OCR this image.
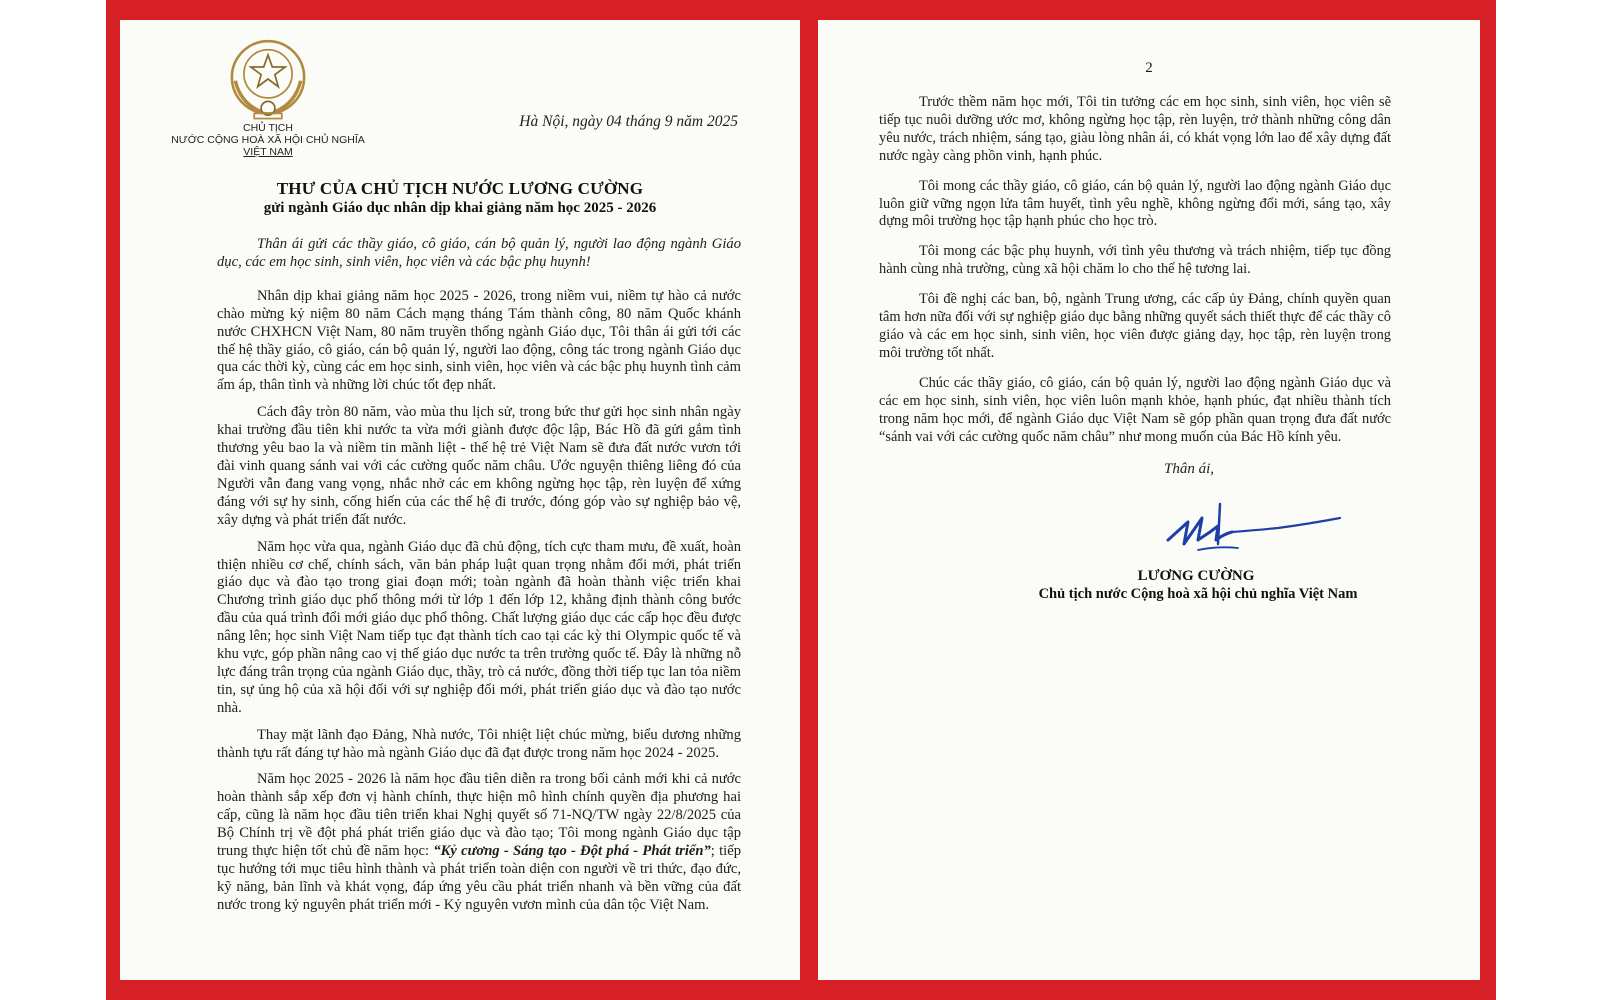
CHỦ TỊCH
NƯỚC CỘNG HOÀ XÃ HỘI CHỦ NGHĨA
VIỆT NAM
Hà Nội, ngày 04 tháng 9 năm 2025
THƯ CỦA CHỦ TỊCH NƯỚC LƯƠNG CƯỜNG
gửi ngành Giáo dục nhân dịp khai giảng năm học 2025 - 2026

Thân ái gửi các thầy giáo, cô giáo, cán bộ quản lý, người lao động ngành Giáo dục, các em học sinh, sinh viên, học viên và các bậc phụ huynh!

Nhân dịp khai giảng năm học 2025 - 2026, trong niềm vui, niềm tự hào cả nước chào mừng kỷ niệm 80 năm Cách mạng tháng Tám thành công, 80 năm Quốc khánh nước CHXHCN Việt Nam, 80 năm truyền thống ngành Giáo dục, Tôi thân ái gửi tới các thế hệ thầy giáo, cô giáo, cán bộ quản lý, người lao động, công tác trong ngành Giáo dục qua các thời kỳ, cùng các em học sinh, sinh viên, học viên và các bậc phụ huynh tình cảm ấm áp, thân tình và những lời chúc tốt đẹp nhất.

Cách đây tròn 80 năm, vào mùa thu lịch sử, trong bức thư gửi học sinh nhân ngày khai trường đầu tiên khi nước ta vừa mới giành được độc lập, Bác Hồ đã gửi gắm tình thương yêu bao la và niềm tin mãnh liệt - thế hệ trẻ Việt Nam sẽ đưa đất nước vươn tới đài vinh quang sánh vai với các cường quốc năm châu. Ước nguyện thiêng liêng đó của Người vẫn đang vang vọng, nhắc nhở các em không ngừng học tập, rèn luyện để xứng đáng với sự hy sinh, cống hiến của các thế hệ đi trước, đóng góp vào sự nghiệp bảo vệ, xây dựng và phát triển đất nước.

Năm học vừa qua, ngành Giáo dục đã chủ động, tích cực tham mưu, đề xuất, hoàn thiện nhiều cơ chế, chính sách, văn bản pháp luật quan trọng nhằm đổi mới, phát triển giáo dục và đào tạo trong giai đoạn mới; toàn ngành đã hoàn thành việc triển khai Chương trình giáo dục phổ thông mới từ lớp 1 đến lớp 12, khẳng định thành công bước đầu của quá trình đổi mới giáo dục phổ thông. Chất lượng giáo dục các cấp học đều được nâng lên; học sinh Việt Nam tiếp tục đạt thành tích cao tại các kỳ thi Olympic quốc tế và khu vực, góp phần nâng cao vị thế giáo dục nước ta trên trường quốc tế. Đây là những nỗ lực đáng trân trọng của ngành Giáo dục, thầy, trò cả nước, đồng thời tiếp tục lan tỏa niềm tin, sự ủng hộ của xã hội đối với sự nghiệp đổi mới, phát triển giáo dục và đào tạo nước nhà.

Thay mặt lãnh đạo Đảng, Nhà nước, Tôi nhiệt liệt chúc mừng, biểu dương những thành tựu rất đáng tự hào mà ngành Giáo dục đã đạt được trong năm học 2024 - 2025.

Năm học 2025 - 2026 là năm học đầu tiên diễn ra trong bối cảnh mới khi cả nước hoàn thành sắp xếp đơn vị hành chính, thực hiện mô hình chính quyền địa phương hai cấp, cũng là năm học đầu tiên triển khai Nghị quyết số 71-NQ/TW ngày 22/8/2025 của Bộ Chính trị về đột phá phát triển giáo dục và đào tạo; Tôi mong ngành Giáo dục tập trung thực hiện tốt chủ đề năm học: “Kỷ cương - Sáng tạo - Đột phá - Phát triển”; tiếp tục hướng tới mục tiêu hình thành và phát triển toàn diện con người về tri thức, đạo đức, kỹ năng, bản lĩnh và khát vọng, đáp ứng yêu cầu phát triển nhanh và bền vững của đất nước trong kỷ nguyên phát triển mới - Kỷ nguyên vươn mình của dân tộc Việt Nam.

2

Trước thềm năm học mới, Tôi tin tưởng các em học sinh, sinh viên, học viên sẽ tiếp tục nuôi dưỡng ước mơ, không ngừng học tập, rèn luyện, trở thành những công dân yêu nước, trách nhiệm, sáng tạo, giàu lòng nhân ái, có khát vọng lớn lao để xây dựng đất nước ngày càng phồn vinh, hạnh phúc.

Tôi mong các thầy giáo, cô giáo, cán bộ quản lý, người lao động ngành Giáo dục luôn giữ vững ngọn lửa tâm huyết, tình yêu nghề, không ngừng đổi mới, sáng tạo, xây dựng môi trường học tập hạnh phúc cho học trò.

Tôi mong các bậc phụ huynh, với tình yêu thương và trách nhiệm, tiếp tục đồng hành cùng nhà trường, cùng xã hội chăm lo cho thế hệ tương lai.

Tôi đề nghị các ban, bộ, ngành Trung ương, các cấp ủy Đảng, chính quyền quan tâm hơn nữa đối với sự nghiệp giáo dục bằng những quyết sách thiết thực để các thầy cô giáo và các em học sinh, sinh viên, học viên được giảng dạy, học tập, rèn luyện trong môi trường tốt nhất.

Chúc các thầy giáo, cô giáo, cán bộ quản lý, người lao động ngành Giáo dục và các em học sinh, sinh viên, học viên luôn mạnh khỏe, hạnh phúc, đạt nhiều thành tích trong năm học mới, để ngành Giáo dục Việt Nam sẽ góp phần quan trọng đưa đất nước “sánh vai với các cường quốc năm châu” như mong muốn của Bác Hồ kính yêu.

Thân ái,
LƯƠNG CƯỜNG
Chủ tịch nước Cộng hoà xã hội chủ nghĩa Việt Nam
